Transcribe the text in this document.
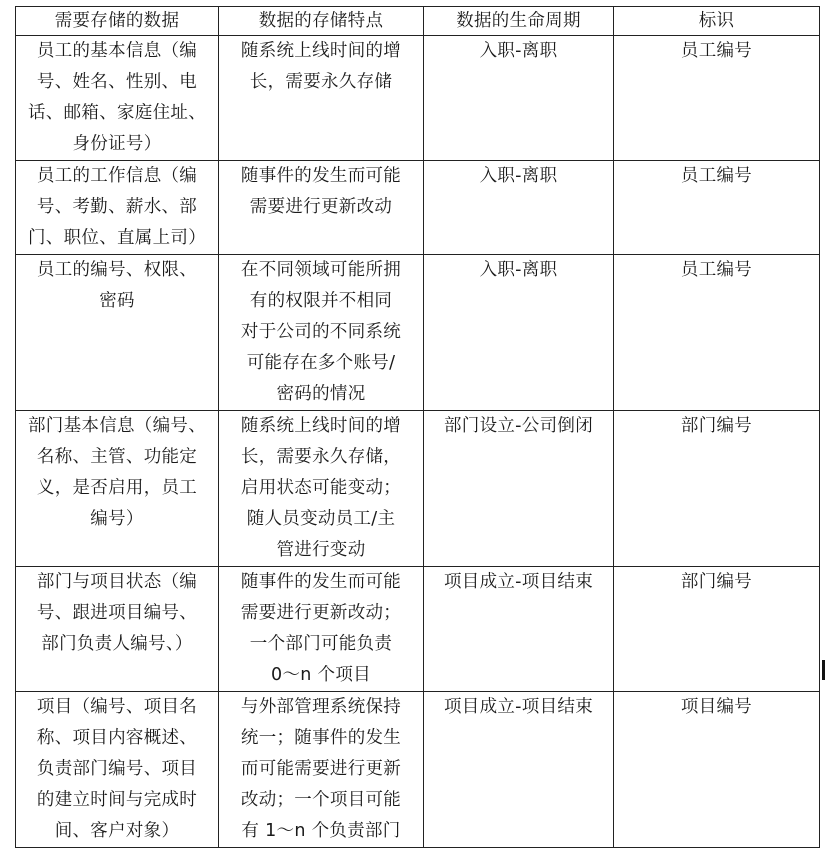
需要存储的数据	数据的存储特点	数据的生命周期	标识

员工的基本信息（编
号、姓名、性别、电
话、邮箱、家庭住址、
身份证号）	随系统上线时间的增
长，需要永久存储	入职-离职	员工编号

员工的工作信息（编
号、考勤、薪水、部
门、职位、直属上司）	随事件的发生而可能
需要进行更新改动	入职-离职	员工编号

员工的编号、权限、
密码	在不同领域可能所拥
有的权限并不相同
对于公司的不同系统
可能存在多个账号/
密码的情况	入职-离职	员工编号

部门基本信息（编号、
名称、主管、功能定
义，是否启用，员工
编号）	随系统上线时间的增
长，需要永久存储，
启用状态可能变动；
随人员变动员工/主
管进行变动	部门设立-公司倒闭	部门编号

部门与项目状态（编
号、跟进项目编号、
部门负责人编号、）	随事件的发生而可能
需要进行更新改动；
一个部门可能负责
0～n 个项目	项目成立-项目结束	部门编号

项目（编号、项目名
称、项目内容概述、
负责部门编号、项目
的建立时间与完成时
间、客户对象）	与外部管理系统保持
统一；随事件的发生
而可能需要进行更新
改动；一个项目可能
有 1～n 个负责部门	项目成立-项目结束	项目编号
